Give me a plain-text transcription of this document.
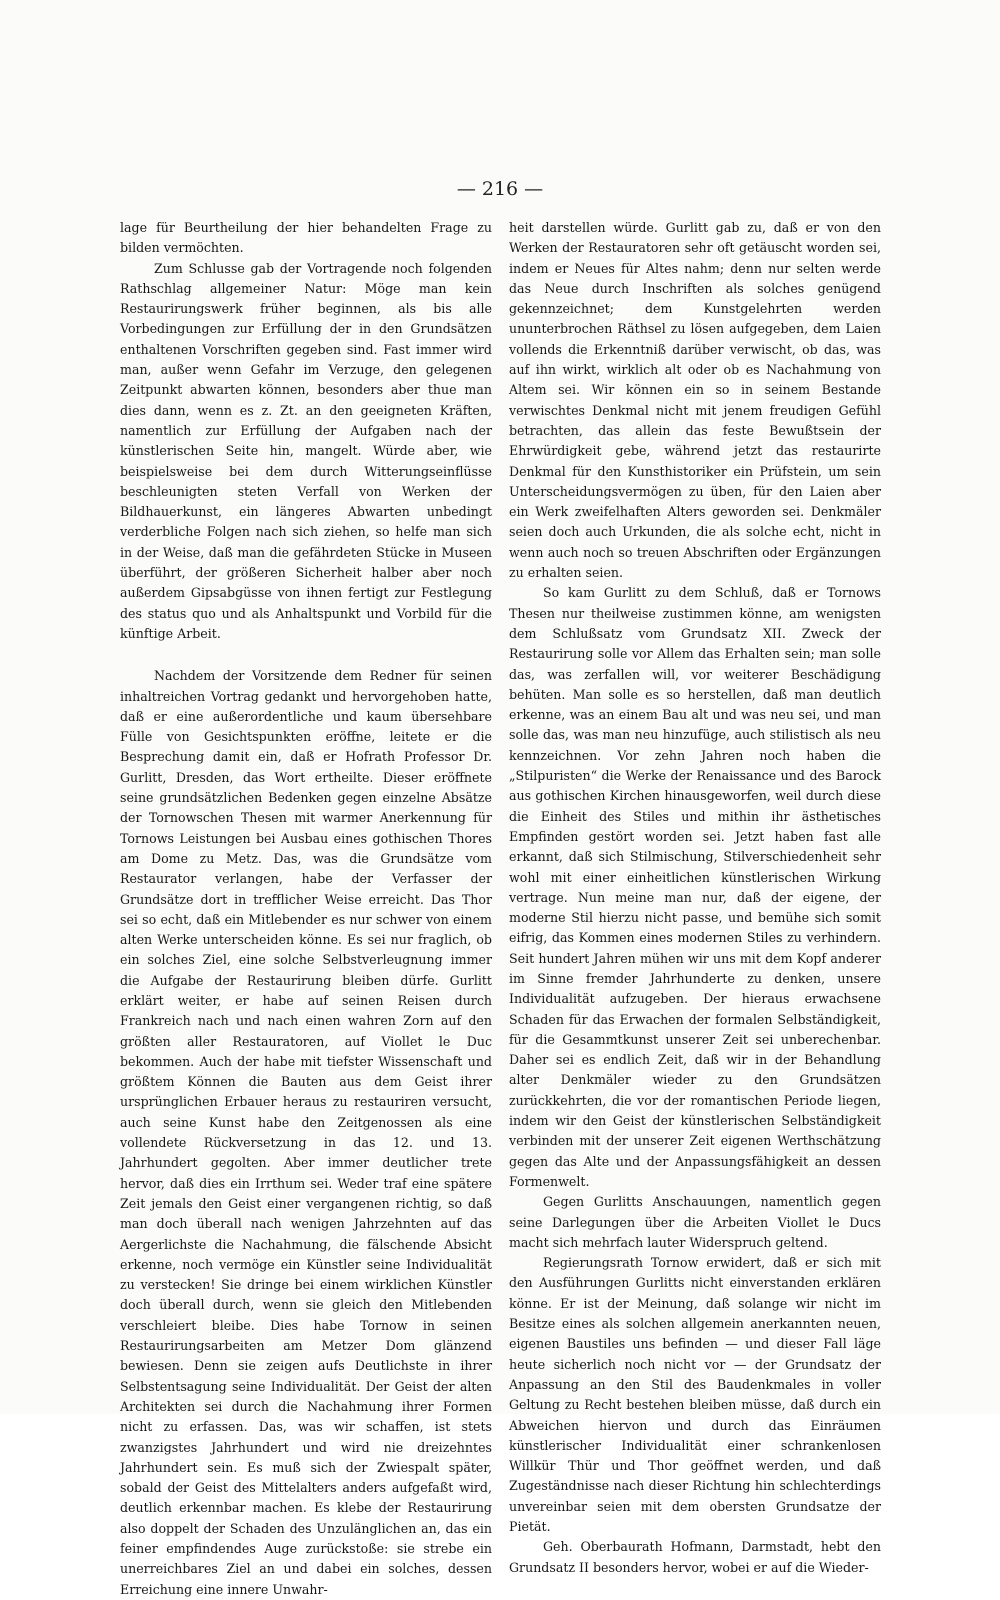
— 216 —

lage für Beurtheilung der hier behandelten Frage zu bilden vermöchten.

Zum Schlusse gab der Vortragende noch folgenden Rathschlag allgemeiner Natur: Möge man kein Restaurirungswerk früher beginnen, als bis alle Vorbedingungen zur Erfüllung der in den Grundsätzen enthaltenen Vorschriften gegeben sind. Fast immer wird man, außer wenn Gefahr im Verzuge, den gelegenen Zeitpunkt abwarten können, besonders aber thue man dies dann, wenn es z. Zt. an den geeigneten Kräften, namentlich zur Erfüllung der Aufgaben nach der künstlerischen Seite hin, mangelt. Würde aber, wie beispielsweise bei dem durch Witterungseinflüsse beschleunigten steten Verfall von Werken der Bildhauerkunst, ein längeres Abwarten unbedingt verderbliche Folgen nach sich ziehen, so helfe man sich in der Weise, daß man die gefährdeten Stücke in Museen überführt, der größeren Sicherheit halber aber noch außerdem Gipsabgüsse von ihnen fertigt zur Festlegung des status quo und als Anhaltspunkt und Vorbild für die künftige Arbeit.

Nachdem der Vorsitzende dem Redner für seinen inhaltreichen Vortrag gedankt und hervorgehoben hatte, daß er eine außerordentliche und kaum übersehbare Fülle von Gesichtspunkten eröffne, leitete er die Besprechung damit ein, daß er Hofrath Professor Dr. Gurlitt, Dresden, das Wort ertheilte. Dieser eröffnete seine grundsätzlichen Bedenken gegen einzelne Absätze der Tornowschen Thesen mit warmer Anerkennung für Tornows Leistungen bei Ausbau eines gothischen Thores am Dome zu Metz. Das, was die Grundsätze vom Restaurator verlangen, habe der Verfasser der Grundsätze dort in trefflicher Weise erreicht. Das Thor sei so echt, daß ein Mitlebender es nur schwer von einem alten Werke unterscheiden könne. Es sei nur fraglich, ob ein solches Ziel, eine solche Selbstverleugnung immer die Aufgabe der Restaurirung bleiben dürfe. Gurlitt erklärt weiter, er habe auf seinen Reisen durch Frankreich nach und nach einen wahren Zorn auf den größten aller Restauratoren, auf Viollet le Duc bekommen. Auch der habe mit tiefster Wissenschaft und größtem Können die Bauten aus dem Geist ihrer ursprünglichen Erbauer heraus zu restauriren versucht, auch seine Kunst habe den Zeitgenossen als eine vollendete Rückversetzung in das 12. und 13. Jahrhundert gegolten. Aber immer deutlicher trete hervor, daß dies ein Irrthum sei. Weder traf eine spätere Zeit jemals den Geist einer vergangenen richtig, so daß man doch überall nach wenigen Jahrzehnten auf das Aergerlichste die Nachahmung, die fälschende Absicht erkenne, noch vermöge ein Künstler seine Individualität zu verstecken! Sie dringe bei einem wirklichen Künstler doch überall durch, wenn sie gleich den Mitlebenden verschleiert bleibe. Dies habe Tornow in seinen Restaurirungsarbeiten am Metzer Dom glänzend bewiesen. Denn sie zeigen aufs Deutlichste in ihrer Selbstentsagung seine Individualität. Der Geist der alten Architekten sei durch die Nachahmung ihrer Formen nicht zu erfassen. Das, was wir schaffen, ist stets zwanzigstes Jahrhundert und wird nie dreizehntes Jahrhundert sein. Es muß sich der Zwiespalt später, sobald der Geist des Mittelalters anders aufgefaßt wird, deutlich erkennbar machen. Es klebe der Restaurirung also doppelt der Schaden des Unzulänglichen an, das ein feiner empfindendes Auge zurückstoße: sie strebe ein unerreichbares Ziel an und dabei ein solches, dessen Erreichung eine innere Unwahr-

heit darstellen würde. Gurlitt gab zu, daß er von den Werken der Restauratoren sehr oft getäuscht worden sei, indem er Neues für Altes nahm; denn nur selten werde das Neue durch Inschriften als solches genügend gekennzeichnet; dem Kunstgelehrten werden ununterbrochen Räthsel zu lösen aufgegeben, dem Laien vollends die Erkenntniß darüber verwischt, ob das, was auf ihn wirkt, wirklich alt oder ob es Nachahmung von Altem sei. Wir können ein so in seinem Bestande verwischtes Denkmal nicht mit jenem freudigen Gefühl betrachten, das allein das feste Bewußtsein der Ehrwürdigkeit gebe, während jetzt das restaurirte Denkmal für den Kunsthistoriker ein Prüfstein, um sein Unterscheidungsvermögen zu üben, für den Laien aber ein Werk zweifelhaften Alters geworden sei. Denkmäler seien doch auch Urkunden, die als solche echt, nicht in wenn auch noch so treuen Abschriften oder Ergänzungen zu erhalten seien.

So kam Gurlitt zu dem Schluß, daß er Tornows Thesen nur theilweise zustimmen könne, am wenigsten dem Schlußsatz vom Grundsatz XII. Zweck der Restaurirung solle vor Allem das Erhalten sein; man solle das, was zerfallen will, vor weiterer Beschädigung behüten. Man solle es so herstellen, daß man deutlich erkenne, was an einem Bau alt und was neu sei, und man solle das, was man neu hinzufüge, auch stilistisch als neu kennzeichnen. Vor zehn Jahren noch haben die „Stilpuristen“ die Werke der Renaissance und des Barock aus gothischen Kirchen hinausgeworfen, weil durch diese die Einheit des Stiles und mithin ihr ästhetisches Empfinden gestört worden sei. Jetzt haben fast alle erkannt, daß sich Stilmischung, Stilverschiedenheit sehr wohl mit einer einheitlichen künstlerischen Wirkung vertrage. Nun meine man nur, daß der eigene, der moderne Stil hierzu nicht passe, und bemühe sich somit eifrig, das Kommen eines modernen Stiles zu verhindern. Seit hundert Jahren mühen wir uns mit dem Kopf anderer im Sinne fremder Jahrhunderte zu denken, unsere Individualität aufzugeben. Der hieraus erwachsene Schaden für das Erwachen der formalen Selbständigkeit, für die Gesammtkunst unserer Zeit sei unberechenbar. Daher sei es endlich Zeit, daß wir in der Behandlung alter Denkmäler wieder zu den Grundsätzen zurückkehrten, die vor der romantischen Periode liegen, indem wir den Geist der künstlerischen Selbständigkeit verbinden mit der unserer Zeit eigenen Werthschätzung gegen das Alte und der Anpassungsfähigkeit an dessen Formenwelt.

Gegen Gurlitts Anschauungen, namentlich gegen seine Darlegungen über die Arbeiten Viollet le Ducs macht sich mehrfach lauter Widerspruch geltend.

Regierungsrath Tornow erwidert, daß er sich mit den Ausführungen Gurlitts nicht einverstanden erklären könne. Er ist der Meinung, daß solange wir nicht im Besitze eines als solchen allgemein anerkannten neuen, eigenen Baustiles uns befinden — und dieser Fall läge heute sicherlich noch nicht vor — der Grundsatz der Anpassung an den Stil des Baudenkmales in voller Geltung zu Recht bestehen bleiben müsse, daß durch ein Abweichen hiervon und durch das Einräumen künstlerischer Individualität einer schrankenlosen Willkür Thür und Thor geöffnet werden, und daß Zugeständnisse nach dieser Richtung hin schlechterdings unvereinbar seien mit dem obersten Grundsatze der Pietät.

Geh. Oberbaurath Hofmann, Darmstadt, hebt den Grundsatz II besonders hervor, wobei er auf die Wieder-
